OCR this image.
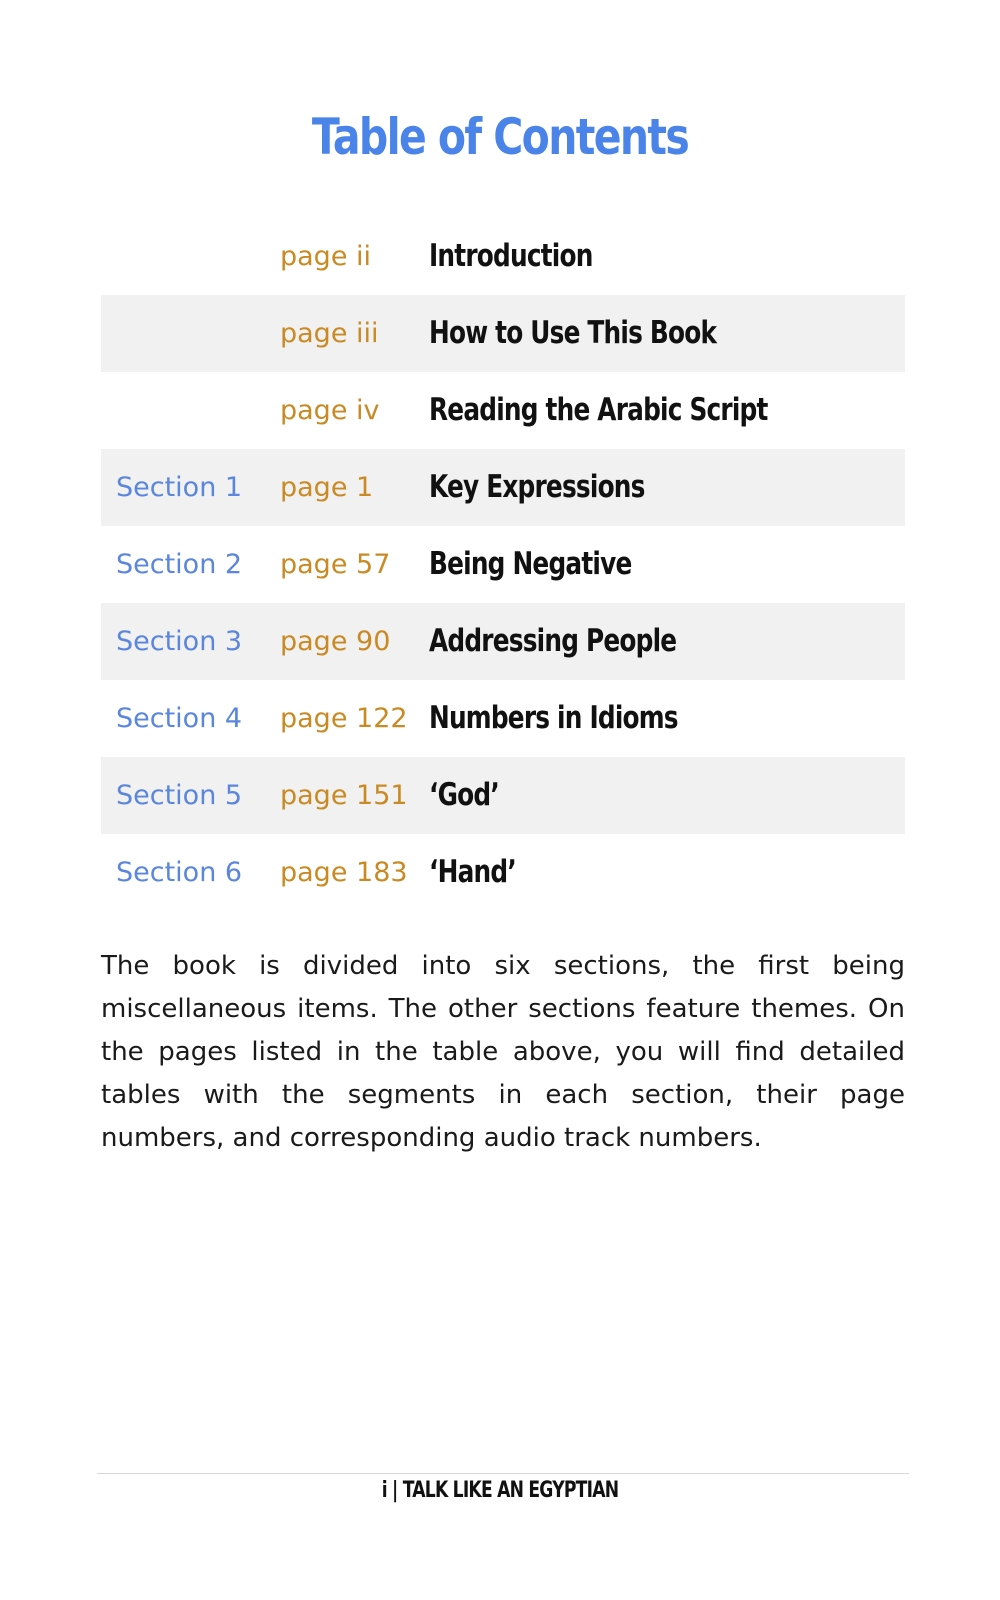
Table of Contents
page ii Introduction
page iii How to Use This Book
page iv Reading the Arabic Script
Section 1 page 1 Key Expressions
Section 2 page 57 Being Negative
Section 3 page 90 Addressing People
Section 4 page 122 Numbers in Idioms
Section 5 page 151 ‘God’
Section 6 page 183 ‘Hand’

The book is divided into six sections, the first being miscellaneous items. The other sections feature themes. On the pages listed in the table above, you will find detailed tables with the segments in each section, their page numbers, and corresponding audio track numbers.

i | TALK LIKE AN EGYPTIAN
